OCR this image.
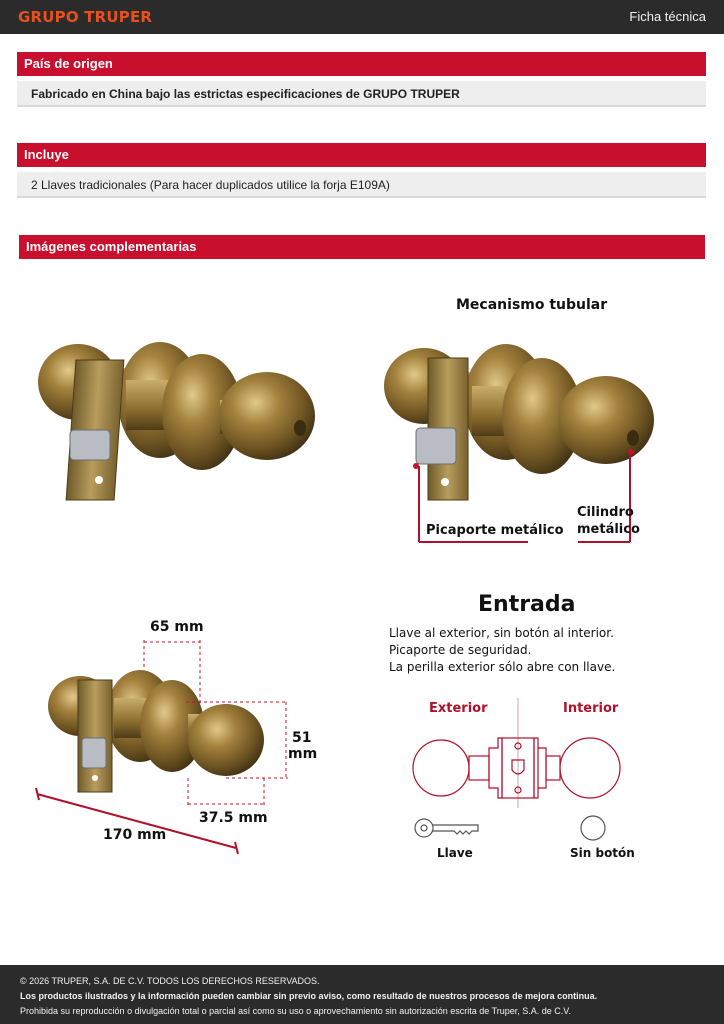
GRUPO TRUPER	Ficha técnica
País de origen
Fabricado en China bajo las estrictas especificaciones de GRUPO TRUPER
Incluye
2 Llaves tradicionales (Para hacer duplicados utilice la forja E109A)
Imágenes complementarias
Mecanismo tubular
Picaporte metálico
Cilindro
metálico
65 mm
51
mm
37.5 mm
170 mm
Entrada
Llave al exterior, sin botón al interior.
Picaporte de seguridad.
La perilla exterior sólo abre con llave.
Exterior	Interior
Llave	Sin botón
© 2026 TRUPER, S.A. DE C.V. TODOS LOS DERECHOS RESERVADOS.
Los productos ilustrados y la información pueden cambiar sin previo aviso, como resultado de nuestros procesos de mejora continua.
Prohibida su reproducción o divulgación total o parcial así como su uso o aprovechamiento sin autorización escrita de Truper, S.A. de C.V.
